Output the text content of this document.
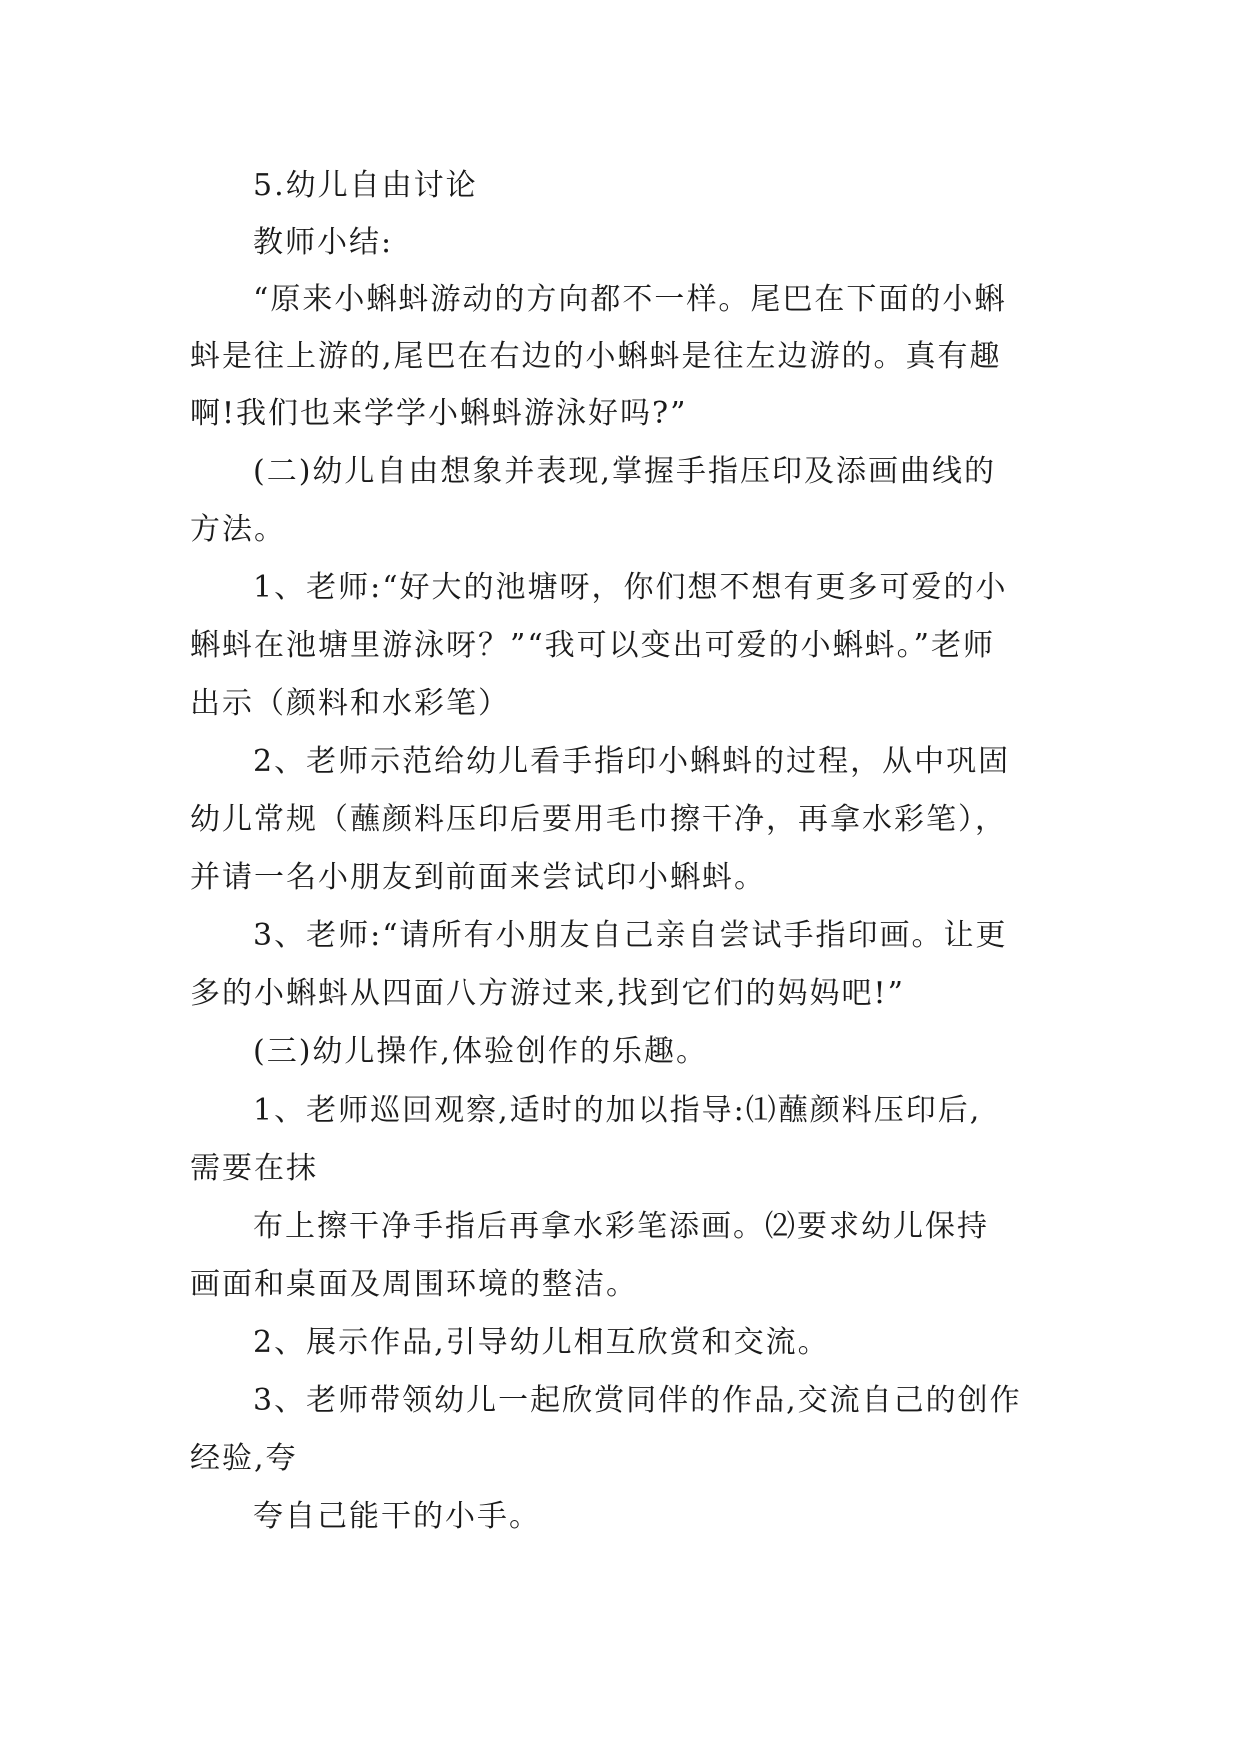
5.幼儿自由讨论

教师小结:

“原来小蝌蚪游动的方向都不一样。尾巴在下面的小蝌

蚪是往上游的,尾巴在右边的小蝌蚪是往左边游的。真有趣

啊!我们也来学学小蝌蚪游泳好吗?”

(二)幼儿自由想象并表现,掌握手指压印及添画曲线的

方法。

1、老师:“好大的池塘呀，你们想不想有更多可爱的小

蝌蚪在池塘里游泳呀？”“我可以变出可爱的小蝌蚪。”老师

出示（颜料和水彩笔）

2、老师示范给幼儿看手指印小蝌蚪的过程，从中巩固

幼儿常规（蘸颜料压印后要用毛巾擦干净，再拿水彩笔），

并请一名小朋友到前面来尝试印小蝌蚪。

3、老师:“请所有小朋友自己亲自尝试手指印画。让更

多的小蝌蚪从四面八方游过来,找到它们的妈妈吧!”

(三)幼儿操作,体验创作的乐趣。

1、老师巡回观察,适时的加以指导:⑴蘸颜料压印后,

需要在抹

布上擦干净手指后再拿水彩笔添画。⑵要求幼儿保持

画面和桌面及周围环境的整洁。

2、展示作品,引导幼儿相互欣赏和交流。

3、老师带领幼儿一起欣赏同伴的作品,交流自己的创作

经验,夸

夸自己能干的小手。
